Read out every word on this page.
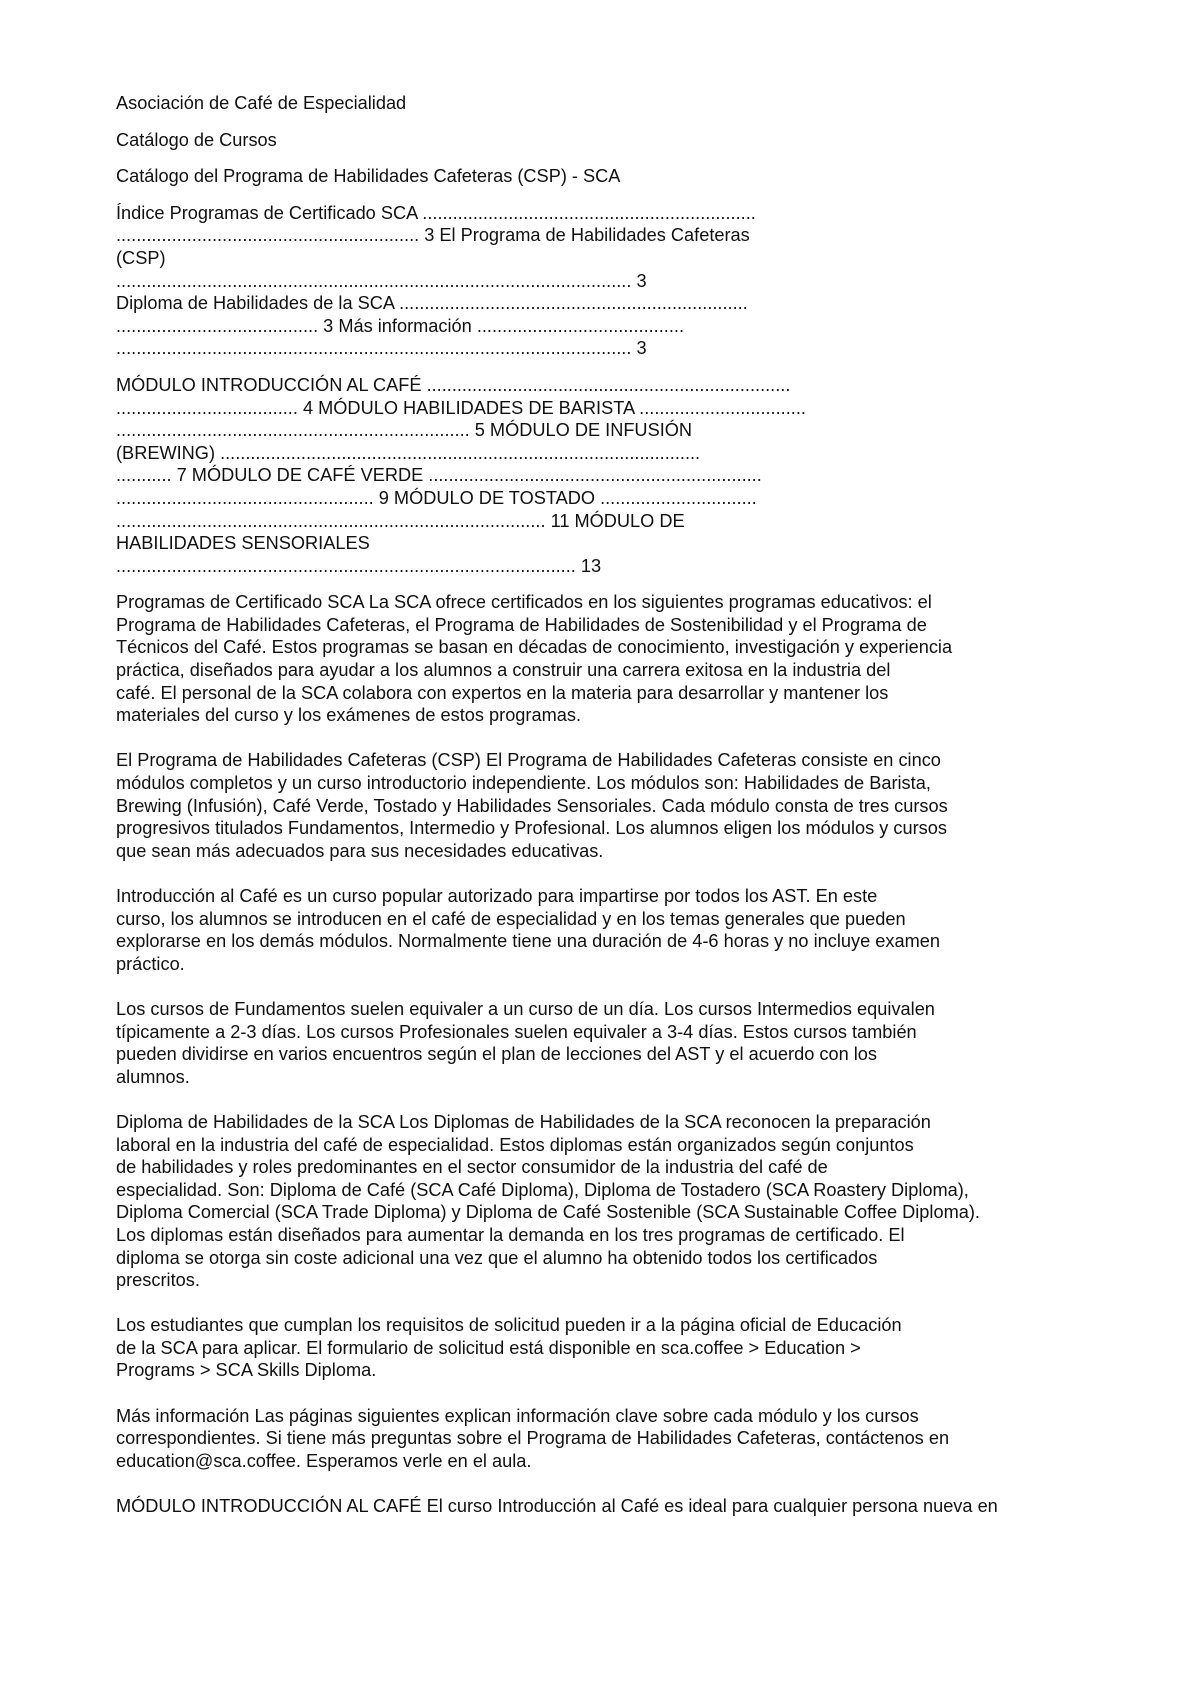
Asociación de Café de Especialidad

Catálogo de Cursos

Catálogo del Programa de Habilidades Cafeteras (CSP) - SCA

Índice Programas de Certificado SCA ..................................................................

............................................................ 3 El Programa de Habilidades Cafeteras

(CSP)

...................................................................................................... 3

Diploma de Habilidades de la SCA .....................................................................

........................................ 3 Más información .........................................

...................................................................................................... 3

MÓDULO INTRODUCCIÓN AL CAFÉ ........................................................................

.................................... 4 MÓDULO HABILIDADES DE BARISTA .................................

...................................................................... 5 MÓDULO DE INFUSIÓN

(BREWING) ...............................................................................................

........... 7 MÓDULO DE CAFÉ VERDE ..................................................................

................................................... 9 MÓDULO DE TOSTADO ...............................

..................................................................................... 11 MÓDULO DE

HABILIDADES SENSORIALES

........................................................................................... 13

Programas de Certificado SCA La SCA ofrece certificados en los siguientes programas educativos: el

Programa de Habilidades Cafeteras, el Programa de Habilidades de Sostenibilidad y el Programa de

Técnicos del Café. Estos programas se basan en décadas de conocimiento, investigación y experiencia

práctica, diseñados para ayudar a los alumnos a construir una carrera exitosa en la industria del

café. El personal de la SCA colabora con expertos en la materia para desarrollar y mantener los

materiales del curso y los exámenes de estos programas.

El Programa de Habilidades Cafeteras (CSP) El Programa de Habilidades Cafeteras consiste en cinco

módulos completos y un curso introductorio independiente. Los módulos son: Habilidades de Barista,

Brewing (Infusión), Café Verde, Tostado y Habilidades Sensoriales. Cada módulo consta de tres cursos

progresivos titulados Fundamentos, Intermedio y Profesional. Los alumnos eligen los módulos y cursos

que sean más adecuados para sus necesidades educativas.

Introducción al Café es un curso popular autorizado para impartirse por todos los AST. En este

curso, los alumnos se introducen en el café de especialidad y en los temas generales que pueden

explorarse en los demás módulos. Normalmente tiene una duración de 4-6 horas y no incluye examen

práctico.

Los cursos de Fundamentos suelen equivaler a un curso de un día. Los cursos Intermedios equivalen

típicamente a 2-3 días. Los cursos Profesionales suelen equivaler a 3-4 días. Estos cursos también

pueden dividirse en varios encuentros según el plan de lecciones del AST y el acuerdo con los

alumnos.

Diploma de Habilidades de la SCA Los Diplomas de Habilidades de la SCA reconocen la preparación

laboral en la industria del café de especialidad. Estos diplomas están organizados según conjuntos

de habilidades y roles predominantes en el sector consumidor de la industria del café de

especialidad. Son: Diploma de Café (SCA Café Diploma), Diploma de Tostadero (SCA Roastery Diploma),

Diploma Comercial (SCA Trade Diploma) y Diploma de Café Sostenible (SCA Sustainable Coffee Diploma).

Los diplomas están diseñados para aumentar la demanda en los tres programas de certificado. El

diploma se otorga sin coste adicional una vez que el alumno ha obtenido todos los certificados

prescritos.

Los estudiantes que cumplan los requisitos de solicitud pueden ir a la página oficial de Educación

de la SCA para aplicar. El formulario de solicitud está disponible en sca.coffee > Education >

Programs > SCA Skills Diploma.

Más información Las páginas siguientes explican información clave sobre cada módulo y los cursos

correspondientes. Si tiene más preguntas sobre el Programa de Habilidades Cafeteras, contáctenos en

education@sca.coffee. Esperamos verle en el aula.

MÓDULO INTRODUCCIÓN AL CAFÉ El curso Introducción al Café es ideal para cualquier persona nueva en
